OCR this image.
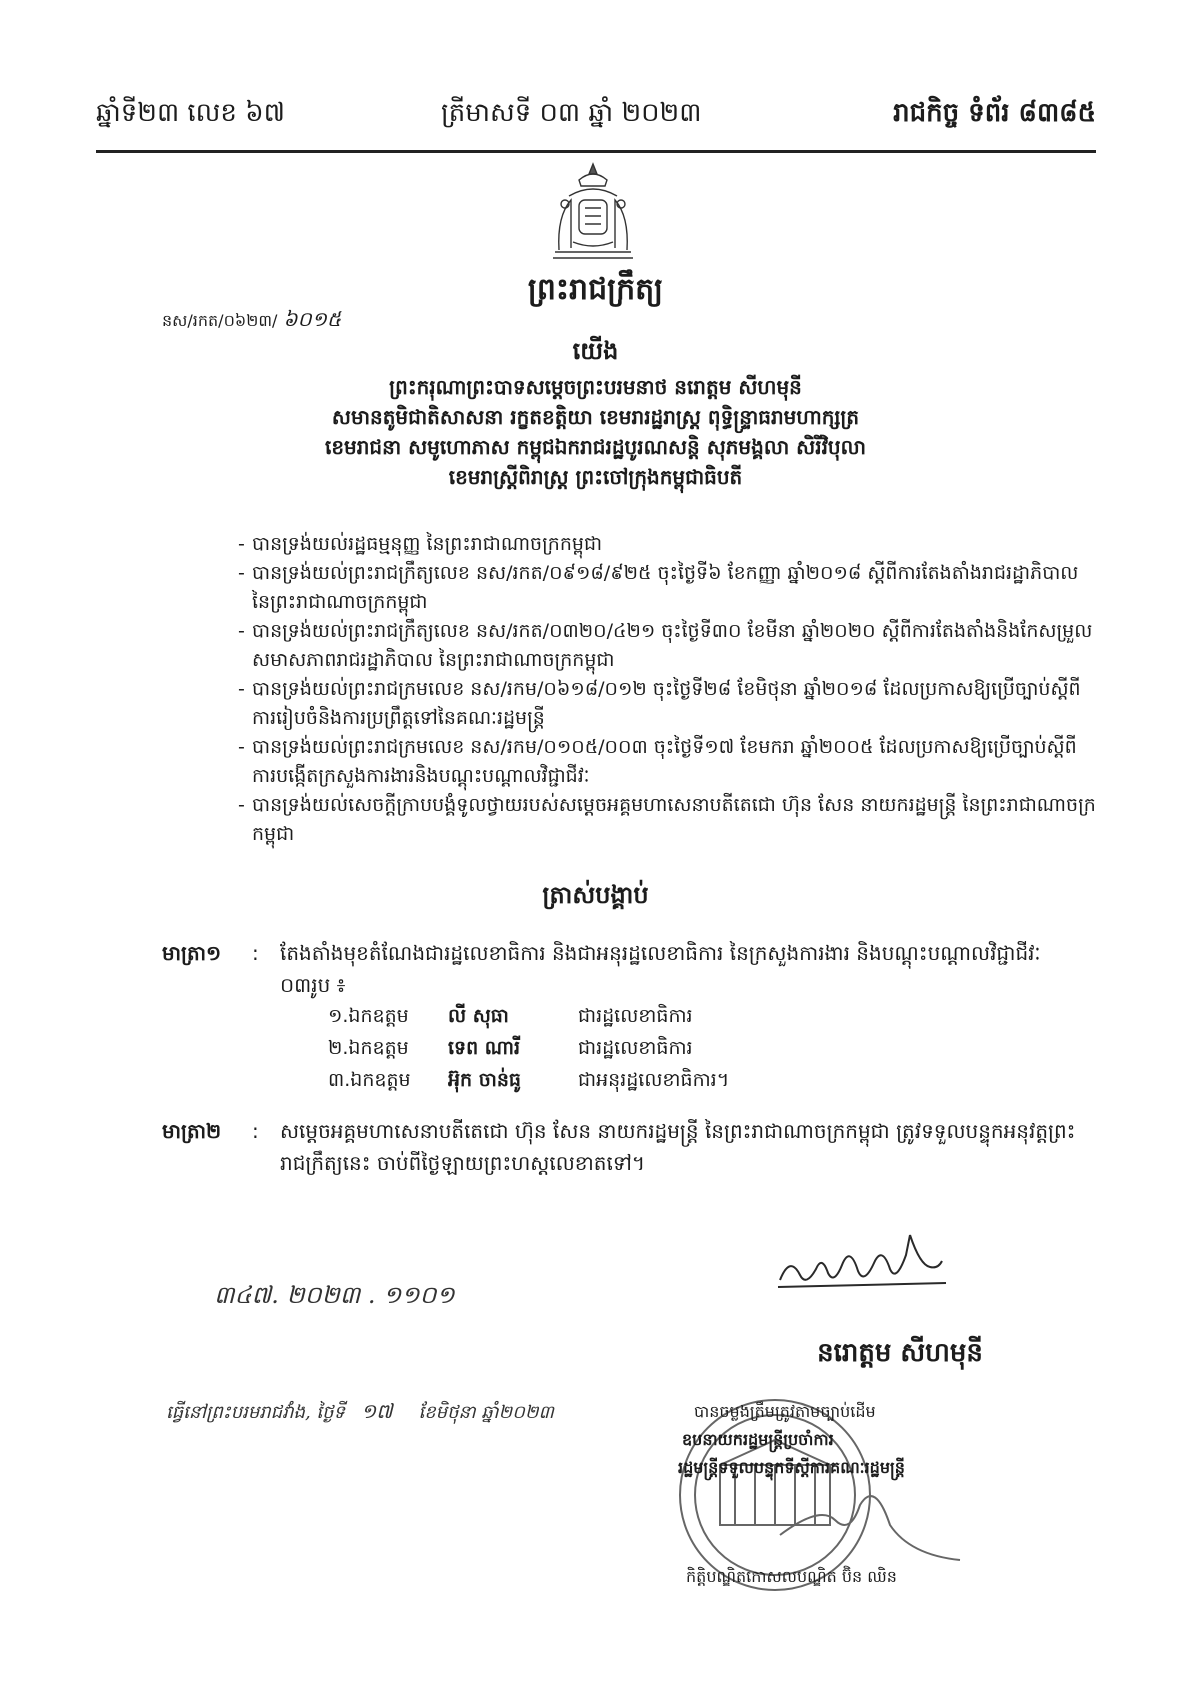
ឆ្នាំទី២៣ លេខ ៦៧	ត្រីមាសទី ០៣ ឆ្នាំ ២០២៣	រាជកិច្ច ទំព័រ ៨៣៨៥
ព្រះរាជក្រឹត្យ
នស/រកត/០៦២៣/ ៦០១៥
យើង
ព្រះករុណាព្រះបាទសម្តេចព្រះបរមនាថ នរោត្តម សីហមុនី
សមានតូមិជាតិសាសនា រក្ខតខត្តិយា ខេមរារដ្ឋរាស្ត្រ ពុទ្ធិន្ទ្រាធរាមហាក្សត្រ
ខេមរាជនា សមូហោភាស កម្ពុជឯករាជរដ្ឋបូរណសន្តិ សុភមង្គលា សិរីវិបុលា
ខេមរាស្ត្រីពិរាស្ត្រ ព្រះចៅក្រុងកម្ពុជាធិបតី
- បានទ្រង់យល់រដ្ឋធម្មនុញ្ញ នៃព្រះរាជាណាចក្រកម្ពុជា
- បានទ្រង់យល់ព្រះរាជក្រឹត្យលេខ នស/រកត/០៩១៨/៩២៥ ចុះថ្ងៃទី៦ ខែកញ្ញា ឆ្នាំ២០១៨ ស្តីពីការតែងតាំងរាជរដ្ឋាភិបាល នៃព្រះរាជាណាចក្រកម្ពុជា
- បានទ្រង់យល់ព្រះរាជក្រឹត្យលេខ នស/រកត/០៣២០/៤២១ ចុះថ្ងៃទី៣០ ខែមីនា ឆ្នាំ២០២០ ស្តីពីការតែងតាំងនិងកែសម្រួលសមាសភាពរាជរដ្ឋាភិបាល នៃព្រះរាជាណាចក្រកម្ពុជា
- បានទ្រង់យល់ព្រះរាជក្រមលេខ នស/រកម/០៦១៨/០១២ ចុះថ្ងៃទី២៨ ខែមិថុនា ឆ្នាំ២០១៨ ដែលប្រកាសឱ្យប្រើច្បាប់ស្តីពីការរៀបចំនិងការប្រព្រឹត្តទៅនៃគណៈរដ្ឋមន្ត្រី
- បានទ្រង់យល់ព្រះរាជក្រមលេខ នស/រកម/០១០៥/០០៣ ចុះថ្ងៃទី១៧ ខែមករា ឆ្នាំ២០០៥ ដែលប្រកាសឱ្យប្រើច្បាប់ស្តីពីការបង្កើតក្រសួងការងារនិងបណ្តុះបណ្តាលវិជ្ជាជីវៈ
- បានទ្រង់យល់សេចក្តីក្រាបបង្គំទូលថ្វាយរបស់សម្តេចអគ្គមហាសេនាបតីតេជោ ហ៊ុន សែន នាយករដ្ឋមន្ត្រី នៃព្រះរាជាណាចក្រកម្ពុជា
ត្រាស់បង្គាប់
មាត្រា១ : តែងតាំងមុខតំណែងជារដ្ឋលេខាធិការ និងជាអនុរដ្ឋលេខាធិការ នៃក្រសួងការងារ និងបណ្តុះបណ្តាលវិជ្ជាជីវៈ ០៣រូប ៖
១.ឯកឧត្តម លី សុធា	ជារដ្ឋលេខាធិការ
២.ឯកឧត្តម ទេព ណារី	ជារដ្ឋលេខាធិការ
៣.ឯកឧត្តម អ៊ុក ចាន់ធូ	ជាអនុរដ្ឋលេខាធិការ។
មាត្រា២ : សម្តេចអគ្គមហាសេនាបតីតេជោ ហ៊ុន សែន នាយករដ្ឋមន្ត្រី នៃព្រះរាជាណាចក្រកម្ពុជា ត្រូវទទួលបន្ទុកអនុវត្តព្រះរាជក្រឹត្យនេះ ចាប់ពីថ្ងៃឡាយព្រះហស្តលេខាតទៅ។
៣៤៧. ២០២៣ . ១១០១
ធ្វើនៅព្រះបរមរាជវាំង, ថ្ងៃទី ១៧ ខែមិថុនា ឆ្នាំ២០២៣
នរោត្តម សីហមុនី
បានចម្លងត្រឹមត្រូវតាមច្បាប់ដើម
ឧបនាយករដ្ឋមន្ត្រីប្រចាំការ
រដ្ឋមន្ត្រីទទួលបន្ទុកទីស្តីការគណៈរដ្ឋមន្ត្រី
កិត្តិបណ្ឌិតកោសលបណ្ឌិត ប៊ិន ឈិន
